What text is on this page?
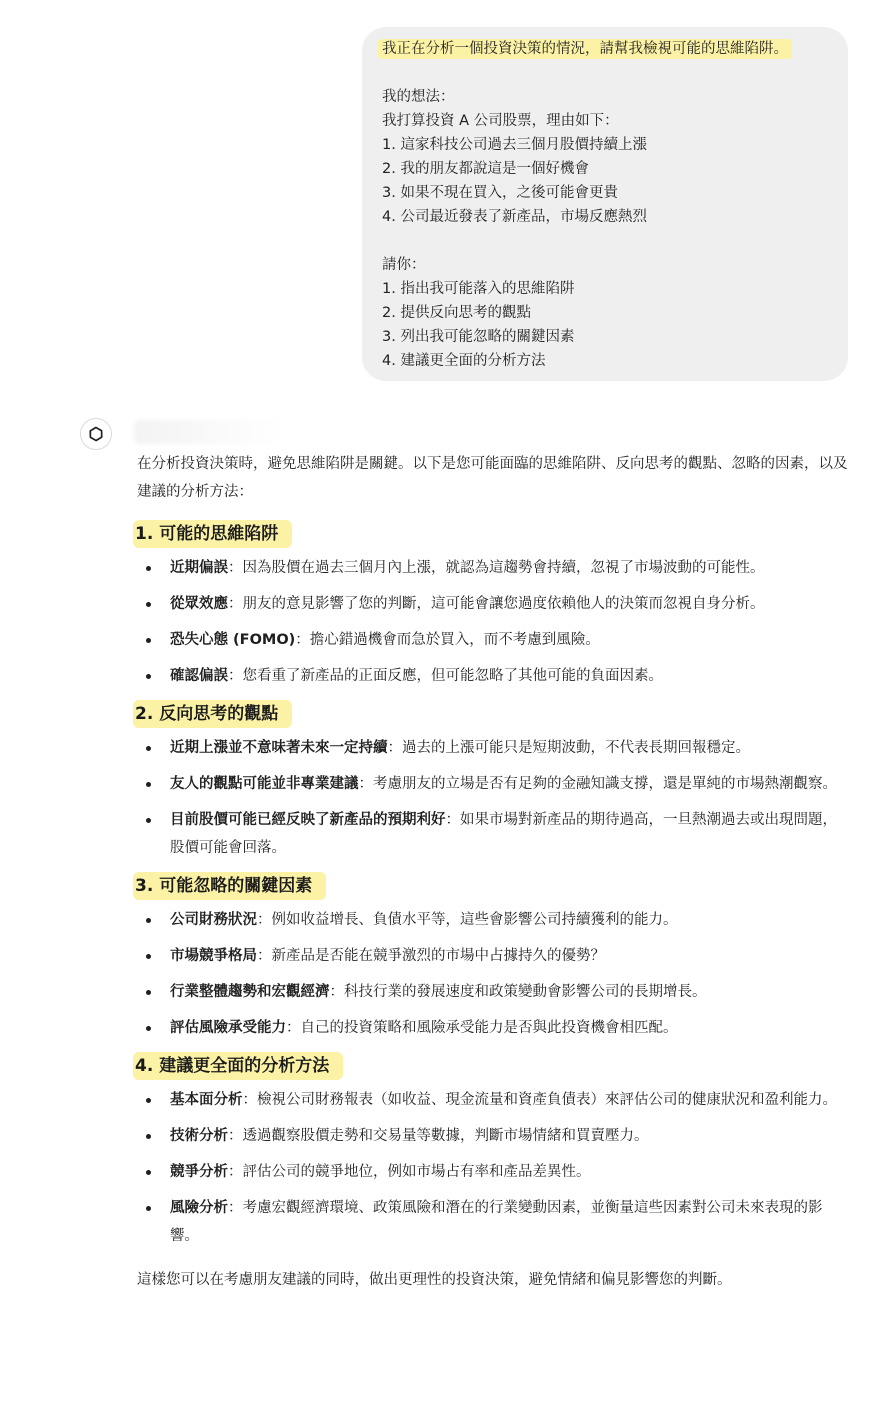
我正在分析一個投資決策的情況，請幫我檢視可能的思維陷阱。
我的想法：
我打算投資 A 公司股票，理由如下：
1. 這家科技公司過去三個月股價持續上漲
2. 我的朋友都說這是一個好機會
3. 如果不現在買入，之後可能會更貴
4. 公司最近發表了新產品，市場反應熱烈
請你：
1. 指出我可能落入的思維陷阱
2. 提供反向思考的觀點
3. 列出我可能忽略的關鍵因素
4. 建議更全面的分析方法

在分析投資決策時，避免思維陷阱是關鍵。以下是您可能面臨的思維陷阱、反向思考的觀點、忽略的因素，以及建議的分析方法：

1. 可能的思維陷阱
近期偏誤：因為股價在過去三個月內上漲，就認為這趨勢會持續，忽視了市場波動的可能性。
從眾效應：朋友的意見影響了您的判斷，這可能會讓您過度依賴他人的決策而忽視自身分析。
恐失心態 (FOMO)：擔心錯過機會而急於買入，而不考慮到風險。
確認偏誤：您看重了新產品的正面反應，但可能忽略了其他可能的負面因素。
2. 反向思考的觀點
近期上漲並不意味著未來一定持續：過去的上漲可能只是短期波動，不代表長期回報穩定。
友人的觀點可能並非專業建議：考慮朋友的立場是否有足夠的金融知識支撐，還是單純的市場熱潮觀察。
目前股價可能已經反映了新產品的預期利好：如果市場對新產品的期待過高，一旦熱潮過去或出現問題，股價可能會回落。
3. 可能忽略的關鍵因素
公司財務狀況：例如收益增長、負債水平等，這些會影響公司持續獲利的能力。
市場競爭格局：新產品是否能在競爭激烈的市場中占據持久的優勢？
行業整體趨勢和宏觀經濟：科技行業的發展速度和政策變動會影響公司的長期增長。
評估風險承受能力：自己的投資策略和風險承受能力是否與此投資機會相匹配。
4. 建議更全面的分析方法
基本面分析：檢視公司財務報表（如收益、現金流量和資產負債表）來評估公司的健康狀況和盈利能力。
技術分析：透過觀察股價走勢和交易量等數據，判斷市場情緒和買賣壓力。
競爭分析：評估公司的競爭地位，例如市場占有率和產品差異性。
風險分析：考慮宏觀經濟環境、政策風險和潛在的行業變動因素，並衡量這些因素對公司未來表現的影響。

這樣您可以在考慮朋友建議的同時，做出更理性的投資決策，避免情緒和偏見影響您的判斷。
